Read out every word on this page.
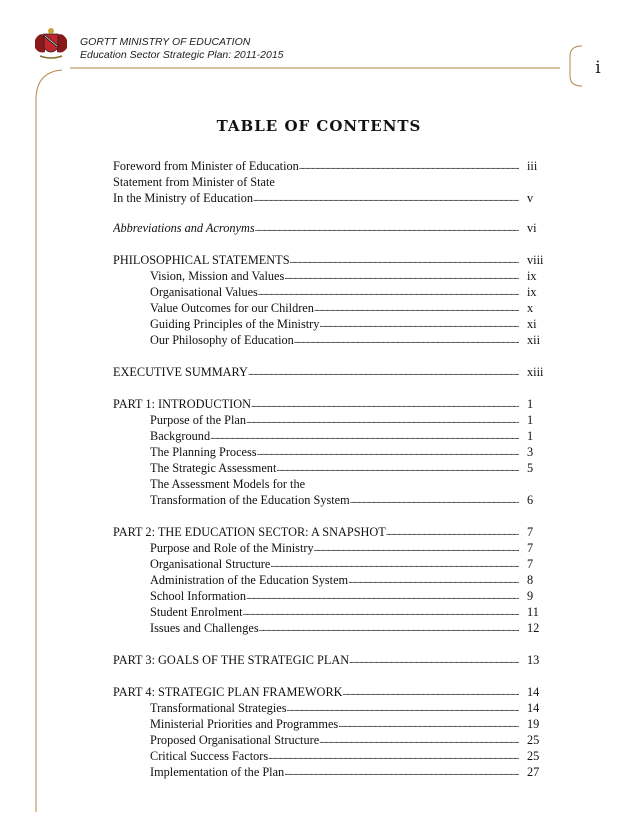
GORTT MINISTRY OF EDUCATION
Education Sector Strategic Plan: 2011-2015
i
TABLE OF CONTENTS
Foreword from Minister of Education .....	iii
Statement from Minister of State
In the Ministry of Education .....	v
Abbreviations and Acronyms .....	vi
PHILOSOPHICAL STATEMENTS .....	viii
Vision, Mission and Values .....	ix
Organisational Values .....	ix
Value Outcomes for our Children .....	x
Guiding Principles of the Ministry .....	xi
Our Philosophy of Education .....	xii
EXECUTIVE SUMMARY .....	xiii
PART 1: INTRODUCTION .....	1
Purpose of the Plan .....	1
Background .....	1
The Planning Process .....	3
The Strategic Assessment .....	5
The Assessment Models for the
Transformation of the Education System .....	6
PART 2: THE EDUCATION SECTOR: A SNAPSHOT .....	7
Purpose and Role of the Ministry .....	7
Organisational Structure .....	7
Administration of the Education System .....	8
School Information .....	9
Student Enrolment .....	11
Issues and Challenges .....	12
PART 3: GOALS OF THE STRATEGIC PLAN .....	13
PART 4: STRATEGIC PLAN FRAMEWORK .....	14
Transformational Strategies .....	14
Ministerial Priorities and Programmes .....	19
Proposed Organisational Structure .....	25
Critical Success Factors .....	25
Implementation of the Plan .....	27
